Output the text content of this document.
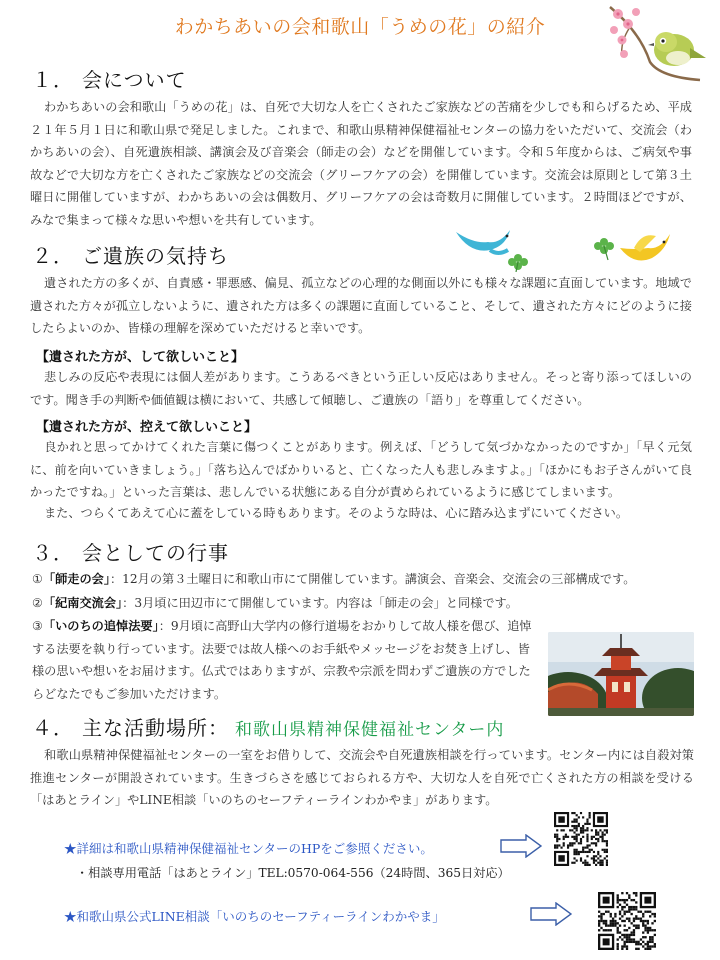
わかちあいの会和歌山「うめの花」の紹介
１． 会について
わかちあいの会和歌山「うめの花」は、自死で大切な人を亡くされたご家族などの苦痛を少しでも和らげるため、平成２１年５月１日に和歌山県で発足しました。これまで、和歌山県精神保健福祉センターの協力をいただいて、交流会（わかちあいの会）、自死遺族相談、講演会及び音楽会（師走の会）などを開催しています。令和５年度からは、ご病気や事故などで大切な方を亡くされたご家族などの交流会（グリーフケアの会）を開催しています。交流会は原則として第３土曜日に開催していますが、わかちあいの会は偶数月、グリーフケアの会は奇数月に開催しています。２時間ほどですが、みなで集まって様々な思いや想いを共有しています。
２． ご遺族の気持ち
遺された方の多くが、自責感・罪悪感、偏見、孤立などの心理的な側面以外にも様々な課題に直面しています。地域で遺された方々が孤立しないように、遺された方は多くの課題に直面していること、そして、遺された方々にどのように接したらよいのか、皆様の理解を深めていただけると幸いです。
【遺された方が、して欲しいこと】
悲しみの反応や表現には個人差があります。こうあるべきという正しい反応はありません。そっと寄り添ってほしいのです。聞き手の判断や価値観は横において、共感して傾聴し、ご遺族の「語り」を尊重してください。
【遺された方が、控えて欲しいこと】
良かれと思ってかけてくれた言葉に傷つくことがあります。例えば、「どうして気づかなかったのですか」「早く元気に、前を向いていきましょう。」「落ち込んでばかりいると、亡くなった人も悲しみますよ。」「ほかにもお子さんがいて良かったですね。」といった言葉は、悲しんでいる状態にある自分が責められているように感じてしまいます。
また、つらくてあえて心に蓋をしている時もあります。そのような時は、心に踏み込まずにいてください。
３． 会としての行事
①「師走の会」：12月の第３土曜日に和歌山市にて開催しています。講演会、音楽会、交流会の三部構成です。
②「紀南交流会」：3月頃に田辺市にて開催しています。内容は「師走の会」と同様です。
③「いのちの追悼法要」：9月頃に高野山大学内の修行道場をおかりして故人様を偲び、追悼する法要を執り行っています。法要では故人様へのお手紙やメッセージをお焚き上げし、皆様の思いや想いをお届けます。仏式ではありますが、宗教や宗派を問わずご遺族の方でしたらどなたでもご参加いただけます。
４． 主な活動場所： 和歌山県精神保健福祉センター内
和歌山県精神保健福祉センターの一室をお借りして、交流会や自死遺族相談を行っています。センター内には自殺対策推進センターが開設されています。生きづらさを感じておられる方や、大切な人を自死で亡くされた方の相談を受ける「はあとライン」やLINE相談「いのちのセーフティーラインわかやま」があります。
★詳細は和歌山県精神保健福祉センターのHPをご参照ください。
・相談専用電話「はあとライン」TEL:0570-064-556（24時間、365日対応）
★和歌山県公式LINE相談「いのちのセーフティーラインわかやま」
